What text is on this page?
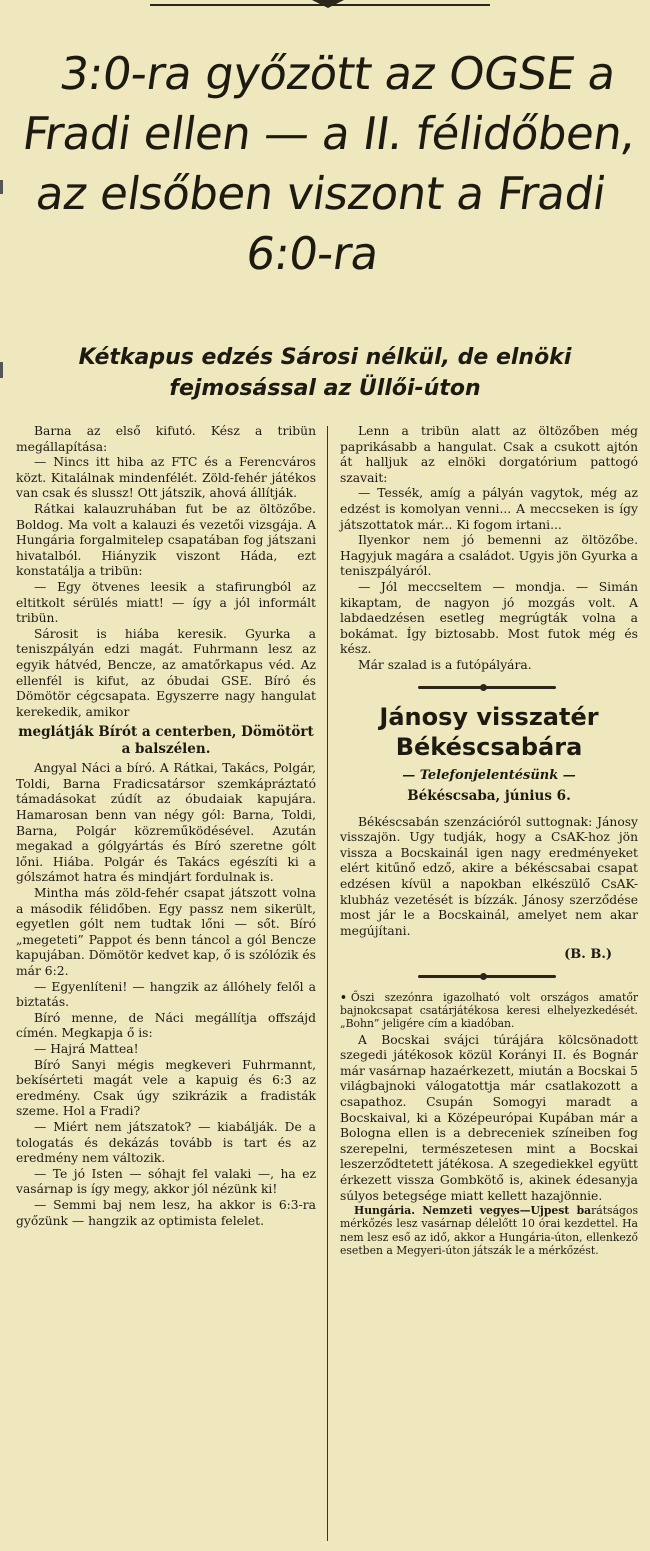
3:0-ra győzött az OGSE a Fradi ellen — a II. félidőben, az elsőben viszont a Fradi 6:0-ra
Kétkapus edzés Sárosi nélkül, de elnöki fejmosással az Üllői-úton

Barna az első kifutó. Kész a tribün megállapítása:

— Nincs itt hiba az FTC és a Ferencváros közt. Kitalálnak mindenfélét. Zöld-fehér játékos van csak és slussz! Ott játszik, ahová állítják.

Rátkai kalauzruhában fut be az öltözőbe. Boldog. Ma volt a kalauzi és vezetői vizsgája. A Hungária forgalmitelep csapatában fog játszani hivatalból. Hiányzik viszont Háda, ezt konstatálja a tribün:

— Egy ötvenes leesik a stafirungból az eltitkolt sérülés miatt! — így a jól informált tribün.

Sárosit is hiába keresik. Gyurka a teniszpályán edzi magát. Fuhrmann lesz az egyik hátvéd, Bencze, az amatőrkapus véd. Az ellenfél is kifut, az óbudai GSE. Bíró és Dömötör cégcsapata. Egyszerre nagy hangulat kerekedik, amikor

meglátják Bírót a centerben, Dömötört a balszélen.

Angyal Náci a bíró. A Rátkai, Takács, Polgár, Toldi, Barna Fradicsatársor szemkápráztató támadásokat zúdít az óbudaiak kapujára. Hamarosan benn van négy gól: Barna, Toldi, Barna, Polgár közreműködésével. Azután megakad a gólgyártás és Bíró szeretne gólt lőni. Hiába. Polgár és Takács egészíti ki a gólszámot hatra és mindjárt fordulnak is.

Mintha más zöld-fehér csapat játszott volna a második félidőben. Egy passz nem sikerült, egyetlen gólt nem tudtak lőni — sőt. Bíró „megeteti” Pappot és benn táncol a gól Bencze kapujában. Dömötör kedvet kap, ő is szólózik és már 6:2.

— Egyenlíteni! — hangzik az állóhely felől a biztatás.

Bíró menne, de Náci megállítja offszájd címén. Megkapja ő is:

— Hajrá Mattea!

Bíró Sanyi mégis megkeveri Fuhrmannt, bekísérteti magát vele a kapuig és 6:3 az eredmény. Csak úgy szikrázik a fradisták szeme. Hol a Fradi?

— Miért nem játszatok? — kiabálják. De a tologatás és dekázás tovább is tart és az eredmény nem változik.

— Te jó Isten — sóhajt fel valaki —, ha ez vasárnap is így megy, akkor jól nézünk ki!

— Semmi baj nem lesz, ha akkor is 6:3-ra győzünk — hangzik az optimista felelet.

Lenn a tribün alatt az öltözőben még paprikásabb a hangulat. Csak a csukott ajtón át halljuk az elnöki dorgatórium pattogó szavait:

— Tessék, amíg a pályán vagytok, még az edzést is komolyan venni... A meccseken is így játszottatok már... Ki fogom irtani...

Ilyenkor nem jó bemenni az öltözőbe. Hagyjuk magára a családot. Ugyis jön Gyurka a teniszpályáról.

— Jól meccseltem — mondja. — Simán kikaptam, de nagyon jó mozgás volt. A labdaedzésen esetleg megrúgták volna a bokámat. Így biztosabb. Most futok még és kész.

Már szalad is a futópályára.

Jánosy visszatér Békéscsabára
— Telefonjelentésünk —
Békéscsaba, június 6.

Békéscsabán szenzációról suttognak: Jánosy visszajön. Ugy tudják, hogy a CsAK-hoz jön vissza a Bocskainál igen nagy eredményeket elért kitűnő edző, akire a békéscsabai csapat edzésen kívül a napokban elkészülő CsAK-klubház vezetését is bízzák. Jánosy szerződése most jár le a Bocskainál, amelyet nem akar megújítani.

(B. B.)

• Őszi szezónra igazolható volt országos amatőr bajnokcsapat csatárjátékosa keresi elhelyezkedését. „Bohn” jeligére cím a kiadóban.

A Bocskai svájci túrájára kölcsönadott szegedi játékosok közül Korányi II. és Bognár már vasárnap hazaérkezett, miután a Bocskai 5 világbajnoki válogatottja már csatlakozott a csapathoz. Csupán Somogyi maradt a Bocskaival, ki a Középeurópai Kupában már a Bologna ellen is a debreceniek színeiben fog szerepelni, természetesen mint a Bocskai leszerződtetett játékosa. A szegediekkel együtt érkezett vissza Gombkötő is, akinek édesanyja súlyos betegsége miatt kellett hazajönnie.

Hungária. Nemzeti vegyes—Ujpest barátságos mérkőzés lesz vasárnap délelőtt 10 órai kezdettel. Ha nem lesz eső az idő, akkor a Hungária-úton, ellenkező esetben a Megyeri-úton játszák le a mérkőzést.
